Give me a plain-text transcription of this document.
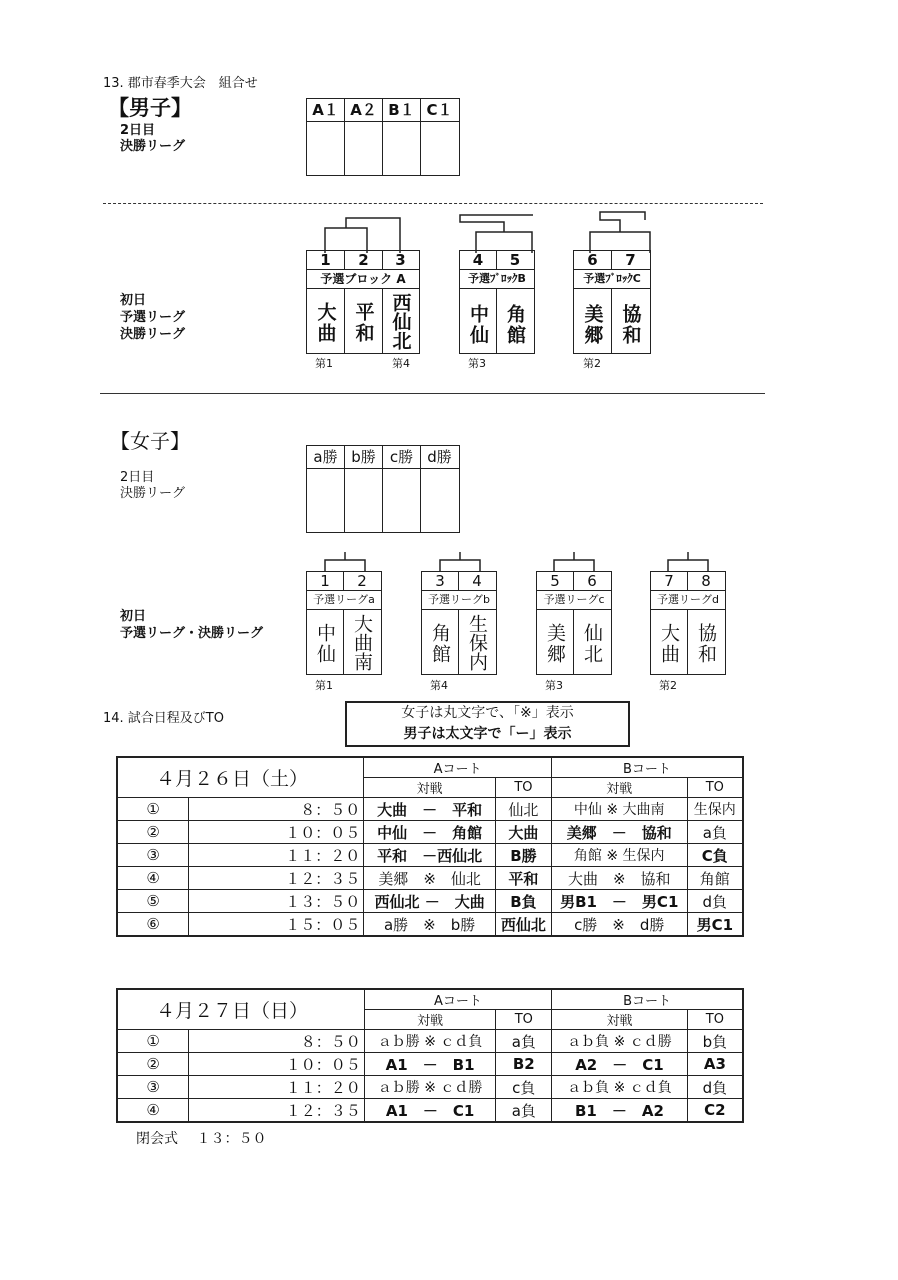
13. 郡市春季大会　組合せ
【男子】
2日目
決勝リーグ
A１ A２ B１ C１
初日
予選リーグ
決勝リーグ
1	2	3
予選ブロック A
大曲 平和 西仙北
第1	第4
4	5
予選ﾌﾞﾛｯｸB
中仙 角館
第3
6	7
予選ﾌﾞﾛｯｸC
美郷 協和
第2
【女子】
2日目
決勝リーグ
a勝 b勝 c勝 d勝
初日
予選リーグ・決勝リーグ
1	2
予選リーグa
中仙 大曲南
第1
3	4
予選リーグb
角館 生保内
第4
5	6
予選リーグc
美郷 仙北
第3
7	8
予選リーグd
大曲 協和
第2
14. 試合日程及びTO	女子は丸文字で、「※」表示
男子は太文字で「ー」表示
４月２６日（土）		Aコート		Bコート	
		対戦	TO	対戦	TO
①	８：５０	大曲　－　平和	仙北	中仙 ※ 大曲南	生保内
②	１０：０５	中仙　－　角館	大曲	美郷　－　協和	a負
③	１１：２０	平和　－西仙北	B勝	角館 ※ 生保内	C負
④	１２：３５	美郷　※　仙北	平和	大曲　※　協和	角館
⑤	１３：５０	西仙北 －　大曲	B負	男B1　－　男C1	d負
⑥	１５：０５	a勝　※　b勝	西仙北	c勝　※　d勝	男C1
４月２７日（日）		Aコート		Bコート	
		対戦	TO	対戦	TO
①	８：５０	ａｂ勝 ※ ｃｄ負	a負	ａｂ負 ※ ｃｄ勝	b負
②	１０：０５	A1　－　B1	B2	A2　－　C1	A3
③	１１：２０	ａｂ勝 ※ ｃｄ勝	c負	ａｂ負 ※ ｃｄ負	d負
④	１２：３５	A1　－　C1	a負	B1　－　A2	C2
閉会式　 １３：５０
